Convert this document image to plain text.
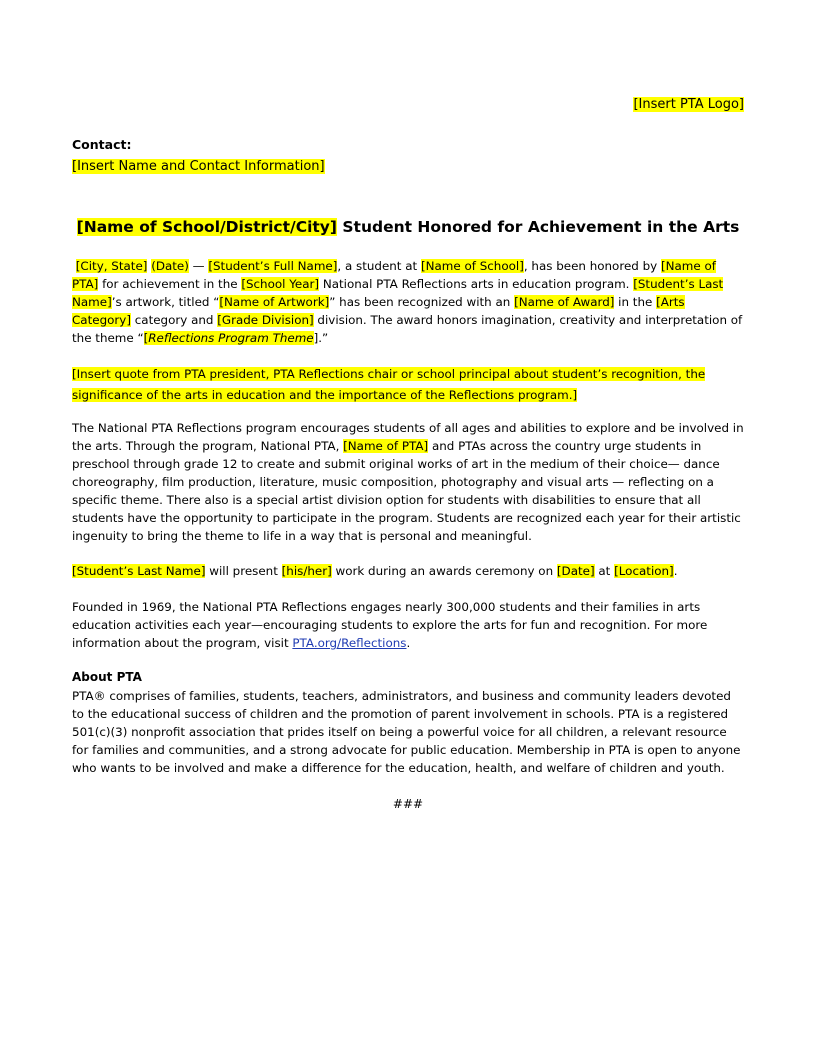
[Insert PTA Logo]
Contact:
[Insert Name and Contact Information]
[Name of School/District/City] Student Honored for Achievement in the Arts
[City, State] (Date) — [Student’s Full Name], a student at [Name of School], has been honored by [Name of PTA] for achievement in the [School Year] National PTA Reflections arts in education program. [Student’s Last Name]’s artwork, titled “[Name of Artwork]” has been recognized with an [Name of Award] in the [Arts Category] category and [Grade Division] division. The award honors imagination, creativity and interpretation of the theme “[Reflections Program Theme].”
[Insert quote from PTA president, PTA Reflections chair or school principal about student’s recognition, the
significance of the arts in education and the importance of the Reflections program.]
The National PTA Reflections program encourages students of all ages and abilities to explore and be involved in the arts. Through the program, National PTA, [Name of PTA] and PTAs across the country urge students in preschool through grade 12 to create and submit original works of art in the medium of their choice— dance choreography, film production, literature, music composition, photography and visual arts — reflecting on a specific theme. There also is a special artist division option for students with disabilities to ensure that all students have the opportunity to participate in the program. Students are recognized each year for their artistic ingenuity to bring the theme to life in a way that is personal and meaningful.
[Student’s Last Name] will present [his/her] work during an awards ceremony on [Date] at [Location].
Founded in 1969, the National PTA Reflections engages nearly 300,000 students and their families in arts education activities each year—encouraging students to explore the arts for fun and recognition. For more information about the program, visit PTA.org/Reflections.
About PTA
PTA® comprises of families, students, teachers, administrators, and business and community leaders devoted to the educational success of children and the promotion of parent involvement in schools. PTA is a registered 501(c)(3) nonprofit association that prides itself on being a powerful voice for all children, a relevant resource for families and communities, and a strong advocate for public education. Membership in PTA is open to anyone who wants to be involved and make a difference for the education, health, and welfare of children and youth.
###
